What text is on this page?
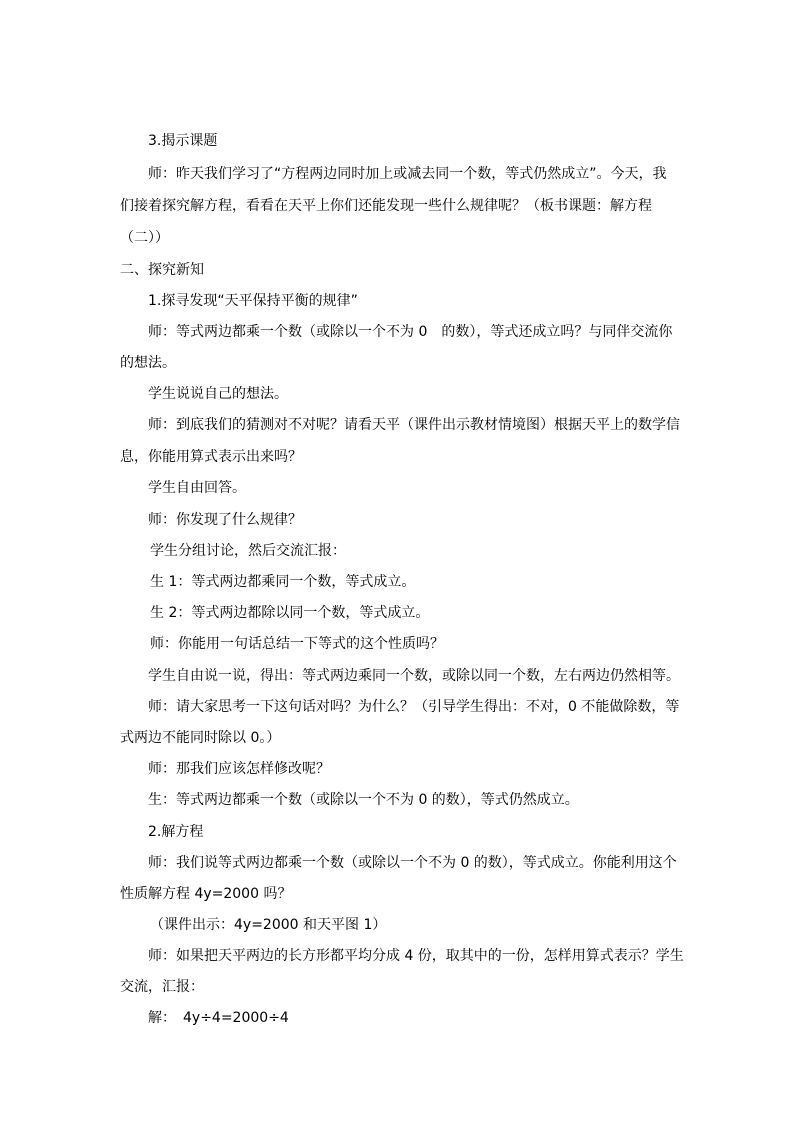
3.揭示课题
师：昨天我们学习了“方程两边同时加上或减去同一个数，等式仍然成立”。今天，我
们接着探究解方程，看看在天平上你们还能发现一些什么规律呢？（板书课题：解方程
（二））
二、探究新知
1.探寻发现“天平保持平衡的规律”
师：等式两边都乘一个数（或除以一个不为 0　的数），等式还成立吗？与同伴交流你
的想法。
学生说说自己的想法。
师：到底我们的猜测对不对呢？请看天平（课件出示教材情境图）根据天平上的数学信
息，你能用算式表示出来吗？
学生自由回答。
师：你发现了什么规律？
学生分组讨论，然后交流汇报：
生 1：等式两边都乘同一个数，等式成立。
生 2：等式两边都除以同一个数，等式成立。
师：你能用一句话总结一下等式的这个性质吗？
学生自由说一说，得出：等式两边乘同一个数，或除以同一个数，左右两边仍然相等。
师：请大家思考一下这句话对吗？为什么？（引导学生得出：不对，0 不能做除数，等
式两边不能同时除以 0。）
师：那我们应该怎样修改呢？
生：等式两边都乘一个数（或除以一个不为 0 的数），等式仍然成立。
2.解方程
师：我们说等式两边都乘一个数（或除以一个不为 0 的数），等式成立。你能利用这个
性质解方程 4y=2000 吗？
（课件出示：4y=2000 和天平图 1）
师：如果把天平两边的长方形都平均分成 4 份，取其中的一份，怎样用算式表示？学生
交流，汇报：
解：　4y÷4=2000÷4
